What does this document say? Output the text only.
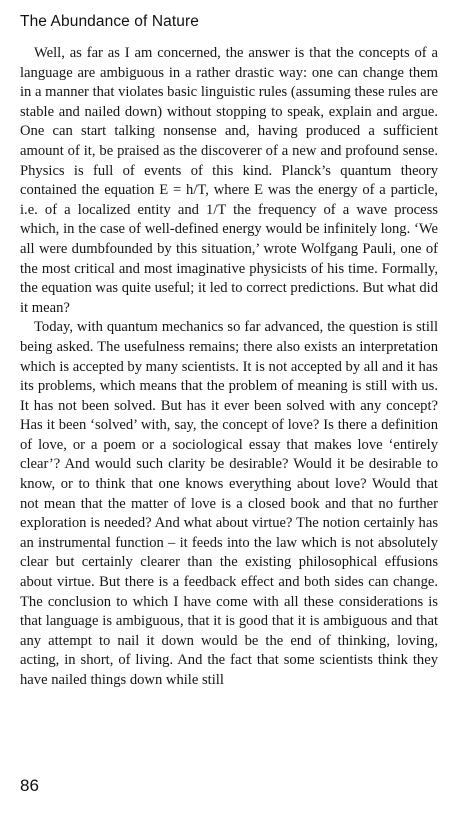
The Abundance of Nature

Well, as far as I am concerned, the answer is that the concepts of a language are ambiguous in a rather drastic way: one can change them in a manner that violates basic linguistic rules (assuming these rules are stable and nailed down) without stopping to speak, explain and argue. One can start talking nonsense and, having produced a sufficient amount of it, be praised as the discoverer of a new and profound sense. Physics is full of events of this kind. Planck’s quantum theory contained the equation E = h/T, where E was the energy of a particle, i.e. of a localized entity and 1/T the frequency of a wave process which, in the case of well-defined energy would be infinitely long. ‘We all were dumbfounded by this situation,’ wrote Wolfgang Pauli, one of the most critical and most imaginative physicists of his time. Formally, the equation was quite useful; it led to correct predictions. But what did it mean?

Today, with quantum mechanics so far advanced, the question is still being asked. The usefulness remains; there also exists an interpretation which is accepted by many scientists. It is not accepted by all and it has its problems, which means that the problem of meaning is still with us. It has not been solved. But has it ever been solved with any concept? Has it been ‘solved’ with, say, the concept of love? Is there a definition of love, or a poem or a sociological essay that makes love ‘entirely clear’? And would such clarity be desirable? Would it be desirable to know, or to think that one knows everything about love? Would that not mean that the matter of love is a closed book and that no further exploration is needed? And what about virtue? The notion certainly has an instrumental function – it feeds into the law which is not absolutely clear but certainly clearer than the existing philosophical effusions about virtue. But there is a feedback effect and both sides can change. The conclusion to which I have come with all these considerations is that language is ambiguous, that it is good that it is ambiguous and that any attempt to nail it down would be the end of thinking, loving, acting, in short, of living. And the fact that some scientists think they have nailed things down while still

86
